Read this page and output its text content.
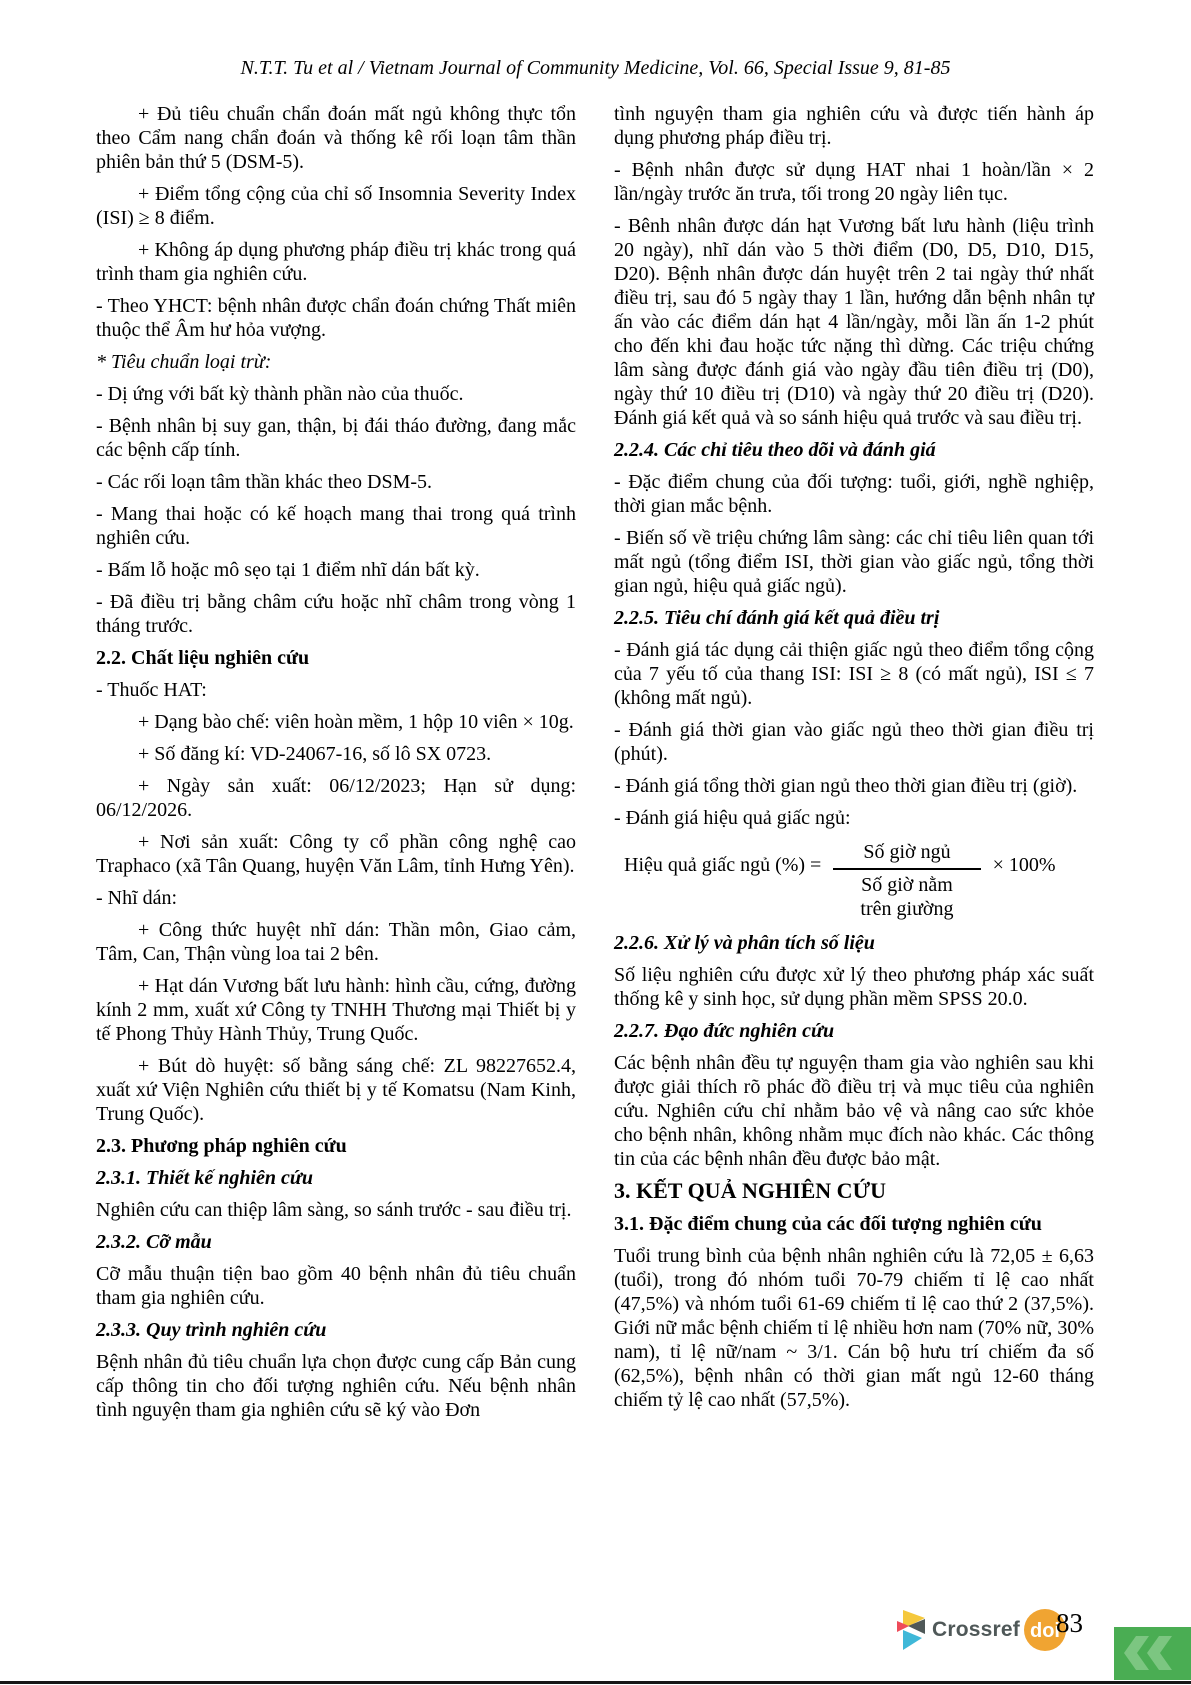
N.T.T. Tu et al / Vietnam Journal of Community Medicine, Vol. 66, Special Issue 9, 81-85

+ Đủ tiêu chuẩn chẩn đoán mất ngủ không thực tổn theo Cẩm nang chẩn đoán và thống kê rối loạn tâm thần phiên bản thứ 5 (DSM-5).

+ Điểm tổng cộng của chỉ số Insomnia Severity Index (ISI) ≥ 8 điểm.

+ Không áp dụng phương pháp điều trị khác trong quá trình tham gia nghiên cứu.

- Theo YHCT: bệnh nhân được chẩn đoán chứng Thất miên thuộc thể Âm hư hỏa vượng.

* Tiêu chuẩn loại trừ:

- Dị ứng với bất kỳ thành phần nào của thuốc.

- Bệnh nhân bị suy gan, thận, bị đái tháo đường, đang mắc các bệnh cấp tính.

- Các rối loạn tâm thần khác theo DSM-5.

- Mang thai hoặc có kế hoạch mang thai trong quá trình nghiên cứu.

- Bấm lỗ hoặc mô sẹo tại 1 điểm nhĩ dán bất kỳ.

- Đã điều trị bằng châm cứu hoặc nhĩ châm trong vòng 1 tháng trước.

2.2. Chất liệu nghiên cứu

- Thuốc HAT:

+ Dạng bào chế: viên hoàn mềm, 1 hộp 10 viên × 10g.

+ Số đăng kí: VD-24067-16, số lô SX 0723.

+ Ngày sản xuất: 06/12/2023; Hạn sử dụng: 06/12/2026.

+ Nơi sản xuất: Công ty cổ phần công nghệ cao Traphaco (xã Tân Quang, huyện Văn Lâm, tỉnh Hưng Yên).

- Nhĩ dán:

+ Công thức huyệt nhĩ dán: Thần môn, Giao cảm, Tâm, Can, Thận vùng loa tai 2 bên.

+ Hạt dán Vương bất lưu hành: hình cầu, cứng, đường kính 2 mm, xuất xứ Công ty TNHH Thương mại Thiết bị y tế Phong Thủy Hành Thủy, Trung Quốc.

+ Bút dò huyệt: số bằng sáng chế: ZL 98227652.4, xuất xứ Viện Nghiên cứu thiết bị y tế Komatsu (Nam Kinh, Trung Quốc).

2.3. Phương pháp nghiên cứu

2.3.1. Thiết kế nghiên cứu

Nghiên cứu can thiệp lâm sàng, so sánh trước - sau điều trị.

2.3.2. Cỡ mẫu

Cỡ mẫu thuận tiện bao gồm 40 bệnh nhân đủ tiêu chuẩn tham gia nghiên cứu.

2.3.3. Quy trình nghiên cứu

Bệnh nhân đủ tiêu chuẩn lựa chọn được cung cấp Bản cung cấp thông tin cho đối tượng nghiên cứu. Nếu bệnh nhân tình nguyện tham gia nghiên cứu sẽ ký vào Đơn

tình nguyện tham gia nghiên cứu và được tiến hành áp dụng phương pháp điều trị.

- Bệnh nhân được sử dụng HAT nhai 1 hoàn/lần × 2 lần/ngày trước ăn trưa, tối trong 20 ngày liên tục.

- Bênh nhân được dán hạt Vương bất lưu hành (liệu trình 20 ngày), nhĩ dán vào 5 thời điểm (D0, D5, D10, D15, D20). Bệnh nhân được dán huyệt trên 2 tai ngày thứ nhất điều trị, sau đó 5 ngày thay 1 lần, hướng dẫn bệnh nhân tự ấn vào các điểm dán hạt 4 lần/ngày, mỗi lần ấn 1-2 phút cho đến khi đau hoặc tức nặng thì dừng. Các triệu chứng lâm sàng được đánh giá vào ngày đầu tiên điều trị (D0), ngày thứ 10 điều trị (D10) và ngày thứ 20 điều trị (D20). Đánh giá kết quả và so sánh hiệu quả trước và sau điều trị.

2.2.4. Các chỉ tiêu theo dõi và đánh giá

- Đặc điểm chung của đối tượng: tuổi, giới, nghề nghiệp, thời gian mắc bệnh.

- Biến số về triệu chứng lâm sàng: các chỉ tiêu liên quan tới mất ngủ (tổng điểm ISI, thời gian vào giấc ngủ, tổng thời gian ngủ, hiệu quả giấc ngủ).

2.2.5. Tiêu chí đánh giá kết quả điều trị

- Đánh giá tác dụng cải thiện giấc ngủ theo điểm tổng cộng của 7 yếu tố của thang ISI: ISI ≥ 8 (có mất ngủ), ISI ≤ 7 (không mất ngủ).

- Đánh giá thời gian vào giấc ngủ theo thời gian điều trị (phút).

- Đánh giá tổng thời gian ngủ theo thời gian điều trị (giờ).

- Đánh giá hiệu quả giấc ngủ:

Hiệu quả giấc ngủ (%) = Số giờ ngủ
Số giờ nằm
trên giường × 100%

2.2.6. Xử lý và phân tích số liệu

Số liệu nghiên cứu được xử lý theo phương pháp xác suất thống kê y sinh học, sử dụng phần mềm SPSS 20.0.

2.2.7. Đạo đức nghiên cứu

Các bệnh nhân đều tự nguyện tham gia vào nghiên sau khi được giải thích rõ phác đồ điều trị và mục tiêu của nghiên cứu. Nghiên cứu chỉ nhằm bảo vệ và nâng cao sức khỏe cho bệnh nhân, không nhằm mục đích nào khác. Các thông tin của các bệnh nhân đều được bảo mật.

3. KẾT QUẢ NGHIÊN CỨU

3.1. Đặc điểm chung của các đối tượng nghiên cứu

Tuổi trung bình của bệnh nhân nghiên cứu là 72,05 ± 6,63 (tuổi), trong đó nhóm tuổi 70-79 chiếm tỉ lệ cao nhất (47,5%) và nhóm tuổi 61-69 chiếm tỉ lệ cao thứ 2 (37,5%). Giới nữ mắc bệnh chiếm tỉ lệ nhiều hơn nam (70% nữ, 30% nam), tỉ lệ nữ/nam ~ 3/1. Cán bộ hưu trí chiếm đa số (62,5%), bệnh nhân có thời gian mất ngủ 12-60 tháng chiếm tỷ lệ cao nhất (57,5%).

Crossref doi
83
